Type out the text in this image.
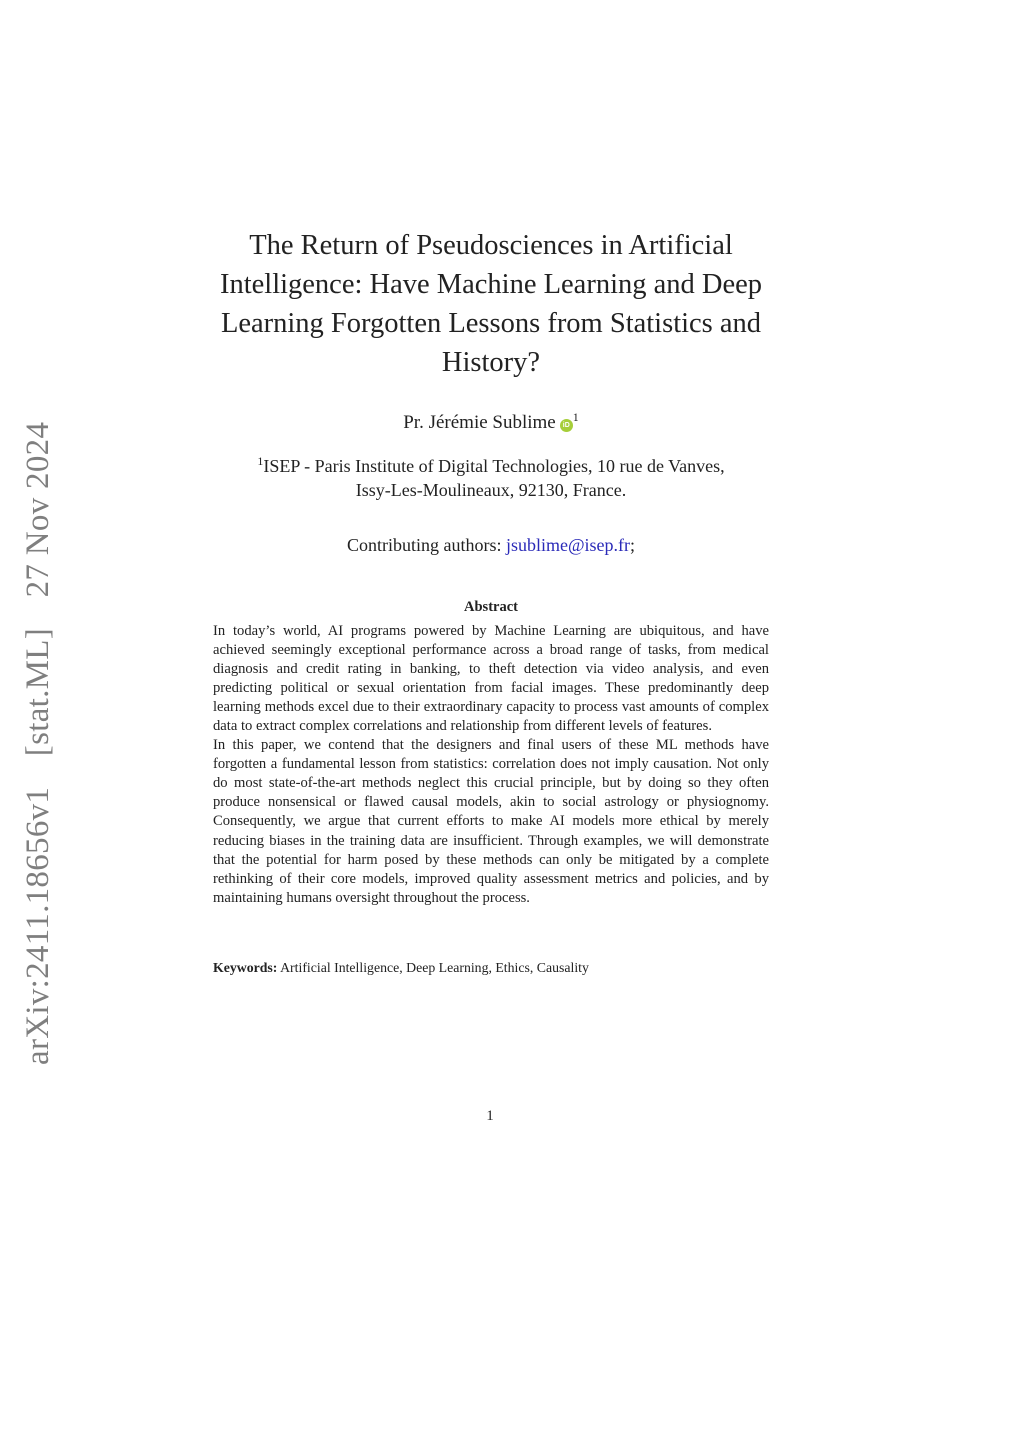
arXiv:2411.18656v1 [stat.ML] 27 Nov 2024
The Return of Pseudosciences in Artificial
Intelligence: Have Machine Learning and Deep
Learning Forgotten Lessons from Statistics and
History?
Pr. Jérémie Sublime $iD^1$
$^1$ISEP - Paris Institute of Digital Technologies, 10 rue de Vanves,
Issy-Les-Moulineaux, 92130, France.
Contributing authors: jsublime@isep.fr;
Abstract

In today’s world, AI programs powered by Machine Learning are ubiquitous, and have achieved seemingly exceptional performance across a broad range of tasks, from medical diagnosis and credit rating in banking, to theft detection via video analysis, and even predicting political or sexual orientation from facial images. These predominantly deep learning methods excel due to their extraordinary capacity to process vast amounts of complex data to extract complex correlations and relationship from different levels of features.

In this paper, we contend that the designers and final users of these ML methods have forgotten a fundamental lesson from statistics: correlation does not imply causation. Not only do most state-of-the-art methods neglect this crucial principle, but by doing so they often produce nonsensical or flawed causal models, akin to social astrology or physiognomy. Consequently, we argue that current efforts to make AI models more ethical by merely reducing biases in the training data are insufficient. Through examples, we will demonstrate that the potential for harm posed by these methods can only be mitigated by a complete rethinking of their core models, improved quality assessment metrics and policies, and by maintaining humans oversight throughout the process.

Keywords: Artificial Intelligence, Deep Learning, Ethics, Causality
1
